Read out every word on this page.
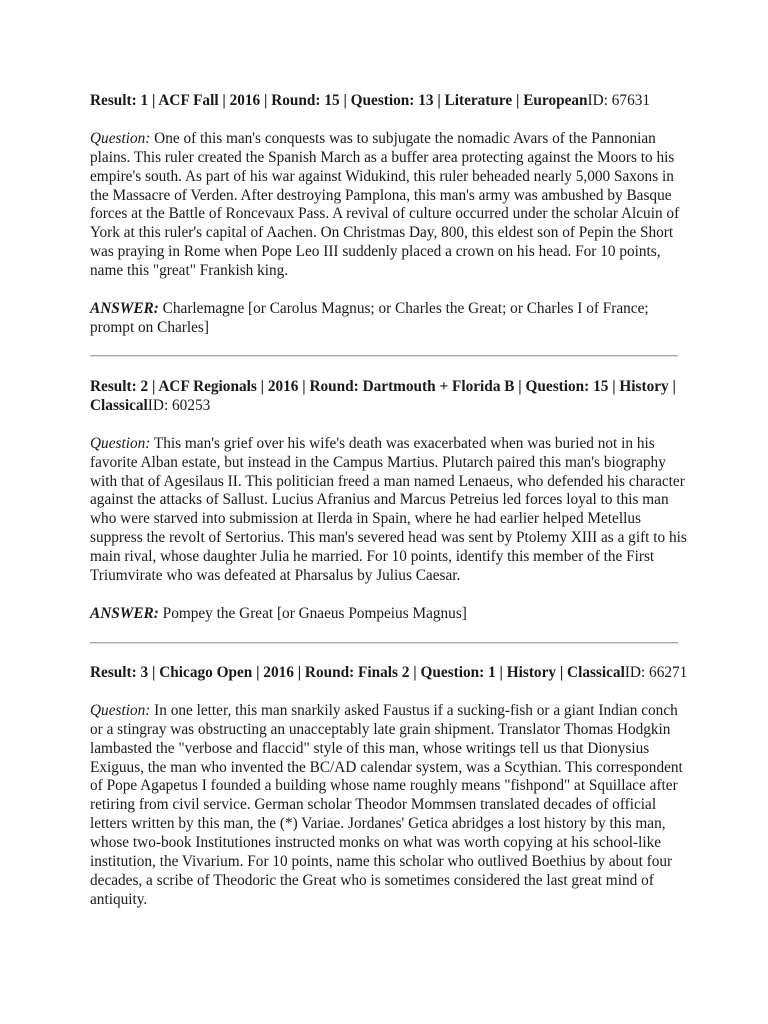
Result: 1 | ACF Fall | 2016 | Round: 15 | Question: 13 | Literature | EuropeanID: 67631

Question: One of this man's conquests was to subjugate the nomadic Avars of the Pannonian plains. This ruler created the Spanish March as a buffer area protecting against the Moors to his empire's south. As part of his war against Widukind, this ruler beheaded nearly 5,000 Saxons in the Massacre of Verden. After destroying Pamplona, this man's army was ambushed by Basque forces at the Battle of Roncevaux Pass. A revival of culture occurred under the scholar Alcuin of York at this ruler's capital of Aachen. On Christmas Day, 800, this eldest son of Pepin the Short was praying in Rome when Pope Leo III suddenly placed a crown on his head. For 10 points, name this "great" Frankish king.

ANSWER: Charlemagne [or Carolus Magnus; or Charles the Great; or Charles I of France; prompt on Charles]

Result: 2 | ACF Regionals | 2016 | Round: Dartmouth + Florida B | Question: 15 | History | ClassicalID: 60253

Question: This man's grief over his wife's death was exacerbated when was buried not in his favorite Alban estate, but instead in the Campus Martius. Plutarch paired this man's biography with that of Agesilaus II. This politician freed a man named Lenaeus, who defended his character against the attacks of Sallust. Lucius Afranius and Marcus Petreius led forces loyal to this man who were starved into submission at Ilerda in Spain, where he had earlier helped Metellus suppress the revolt of Sertorius. This man's severed head was sent by Ptolemy XIII as a gift to his main rival, whose daughter Julia he married. For 10 points, identify this member of the First Triumvirate who was defeated at Pharsalus by Julius Caesar.

ANSWER: Pompey the Great [or Gnaeus Pompeius Magnus]

Result: 3 | Chicago Open | 2016 | Round: Finals 2 | Question: 1 | History | ClassicalID: 66271

Question: In one letter, this man snarkily asked Faustus if a sucking-fish or a giant Indian conch or a stingray was obstructing an unacceptably late grain shipment. Translator Thomas Hodgkin lambasted the "verbose and flaccid" style of this man, whose writings tell us that Dionysius Exiguus, the man who invented the BC/AD calendar system, was a Scythian. This correspondent of Pope Agapetus I founded a building whose name roughly means "fishpond" at Squillace after retiring from civil service. German scholar Theodor Mommsen translated decades of official letters written by this man, the (*) Variae. Jordanes' Getica abridges a lost history by this man, whose two-book Institutiones instructed monks on what was worth copying at his school-like institution, the Vivarium. For 10 points, name this scholar who outlived Boethius by about four decades, a scribe of Theodoric the Great who is sometimes considered the last great mind of antiquity.
